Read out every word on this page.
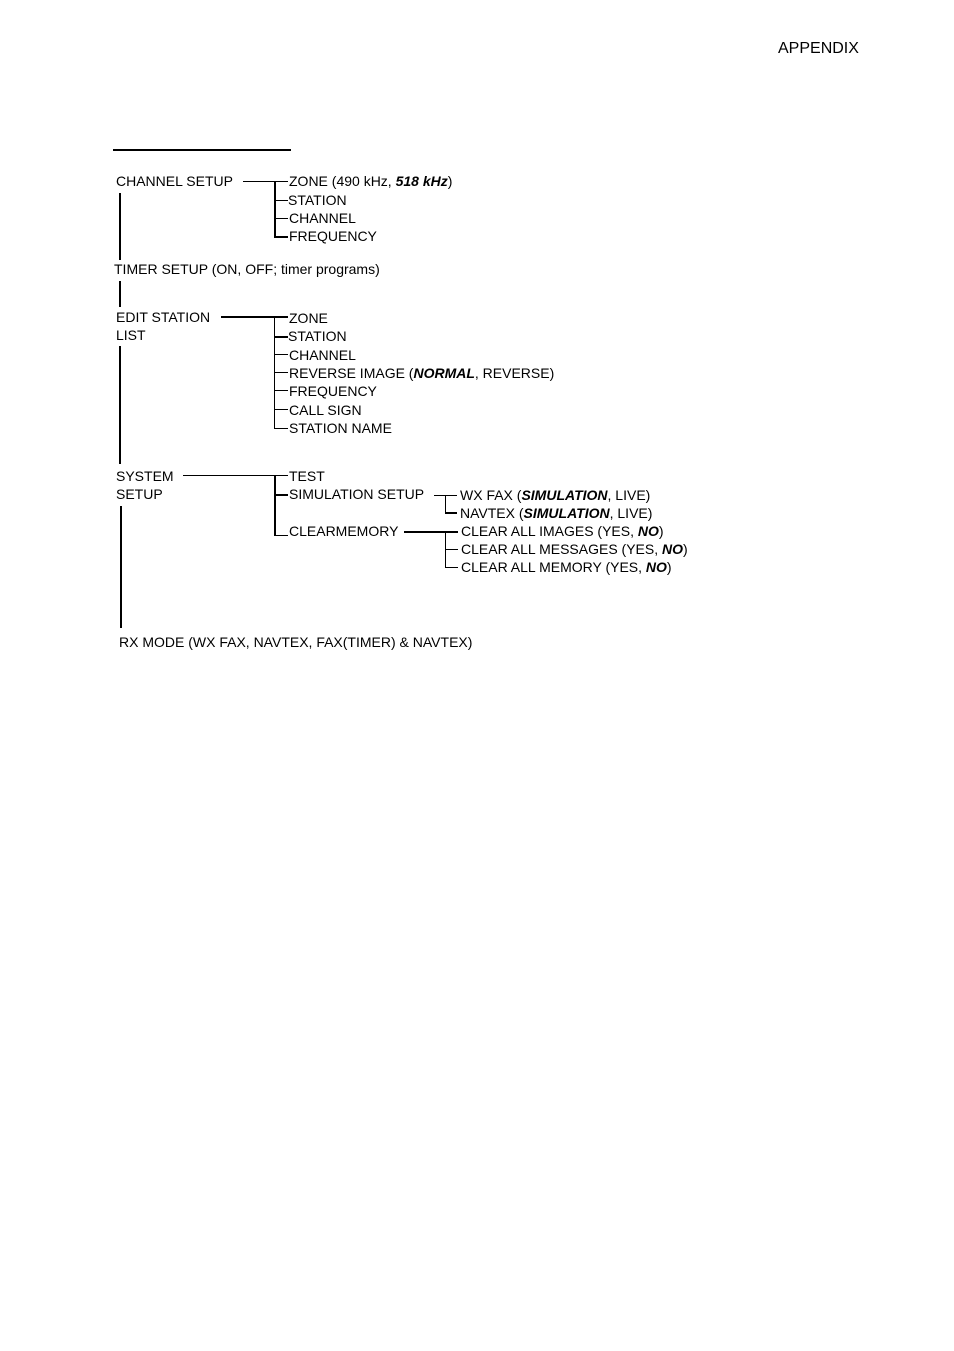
APPENDIX
CHANNEL SETUP	ZONE (490 kHz, 518 kHz)
STATION
CHANNEL
FREQUENCY
TIMER SETUP (ON, OFF; timer programs)
EDIT STATION
LIST
ZONE
STATION
CHANNEL
REVERSE IMAGE (NORMAL, REVERSE)
FREQUENCY
CALL SIGN
STATION NAME
SYSTEM
SETUP
TEST
SIMULATION SETUP
CLEARMEMORY
WX FAX (SIMULATION, LIVE)
NAVTEX (SIMULATION, LIVE)
CLEAR ALL IMAGES (YES, NO)
CLEAR ALL MESSAGES (YES, NO)
CLEAR ALL MEMORY (YES, NO)
RX MODE (WX FAX, NAVTEX, FAX(TIMER) & NAVTEX)
